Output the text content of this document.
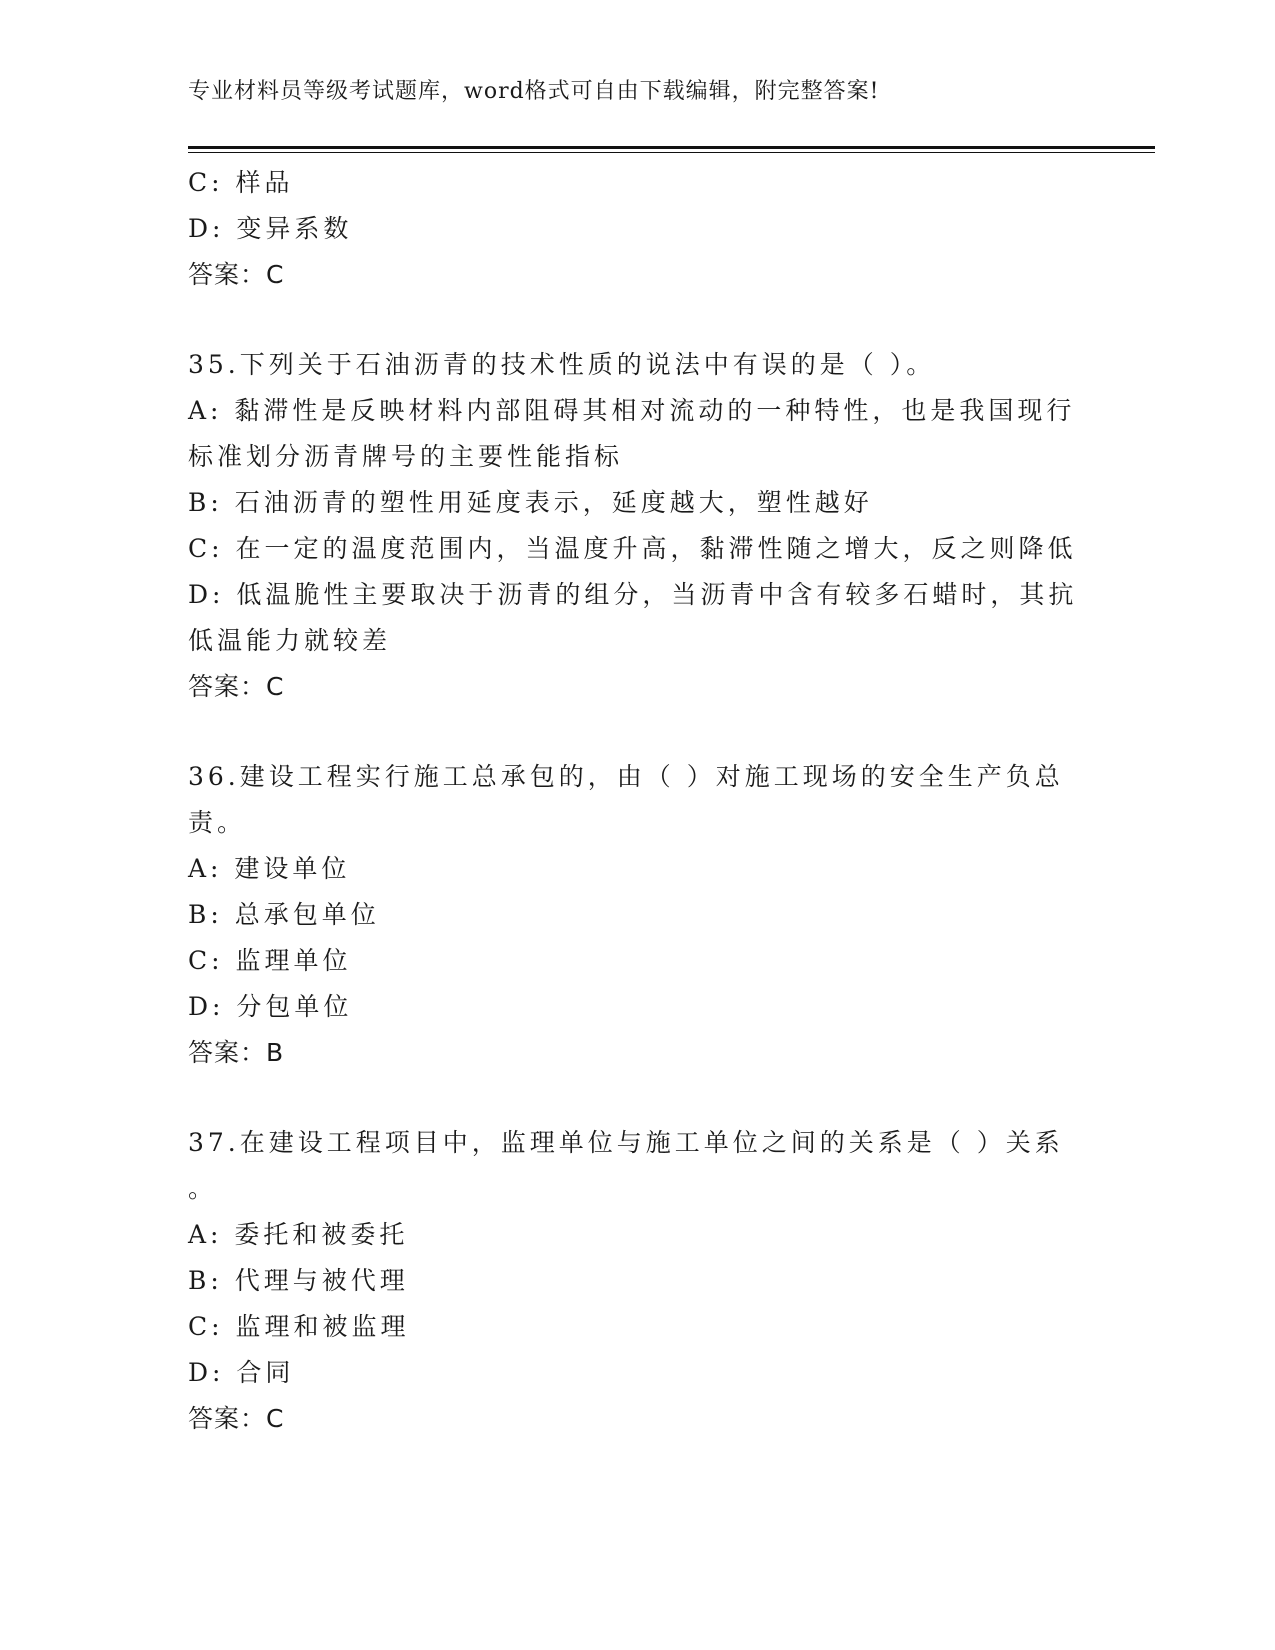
专业材料员等级考试题库，word格式可自由下载编辑，附完整答案!
C: 样品
D: 变异系数
答案：C
35.下列关于石油沥青的技术性质的说法中有误的是（ ）。
A: 黏滞性是反映材料内部阻碍其相对流动的一种特性，也是我国现行
标准划分沥青牌号的主要性能指标
B: 石油沥青的塑性用延度表示，延度越大，塑性越好
C: 在一定的温度范围内，当温度升高，黏滞性随之增大，反之则降低
D: 低温脆性主要取决于沥青的组分，当沥青中含有较多石蜡时，其抗
低温能力就较差
答案：C
36.建设工程实行施工总承包的，由（ ）对施工现场的安全生产负总
责。
A: 建设单位
B: 总承包单位
C: 监理单位
D: 分包单位
答案：B
37.在建设工程项目中，监理单位与施工单位之间的关系是（ ）关系
。
A: 委托和被委托
B: 代理与被代理
C: 监理和被监理
D: 合同
答案：C
